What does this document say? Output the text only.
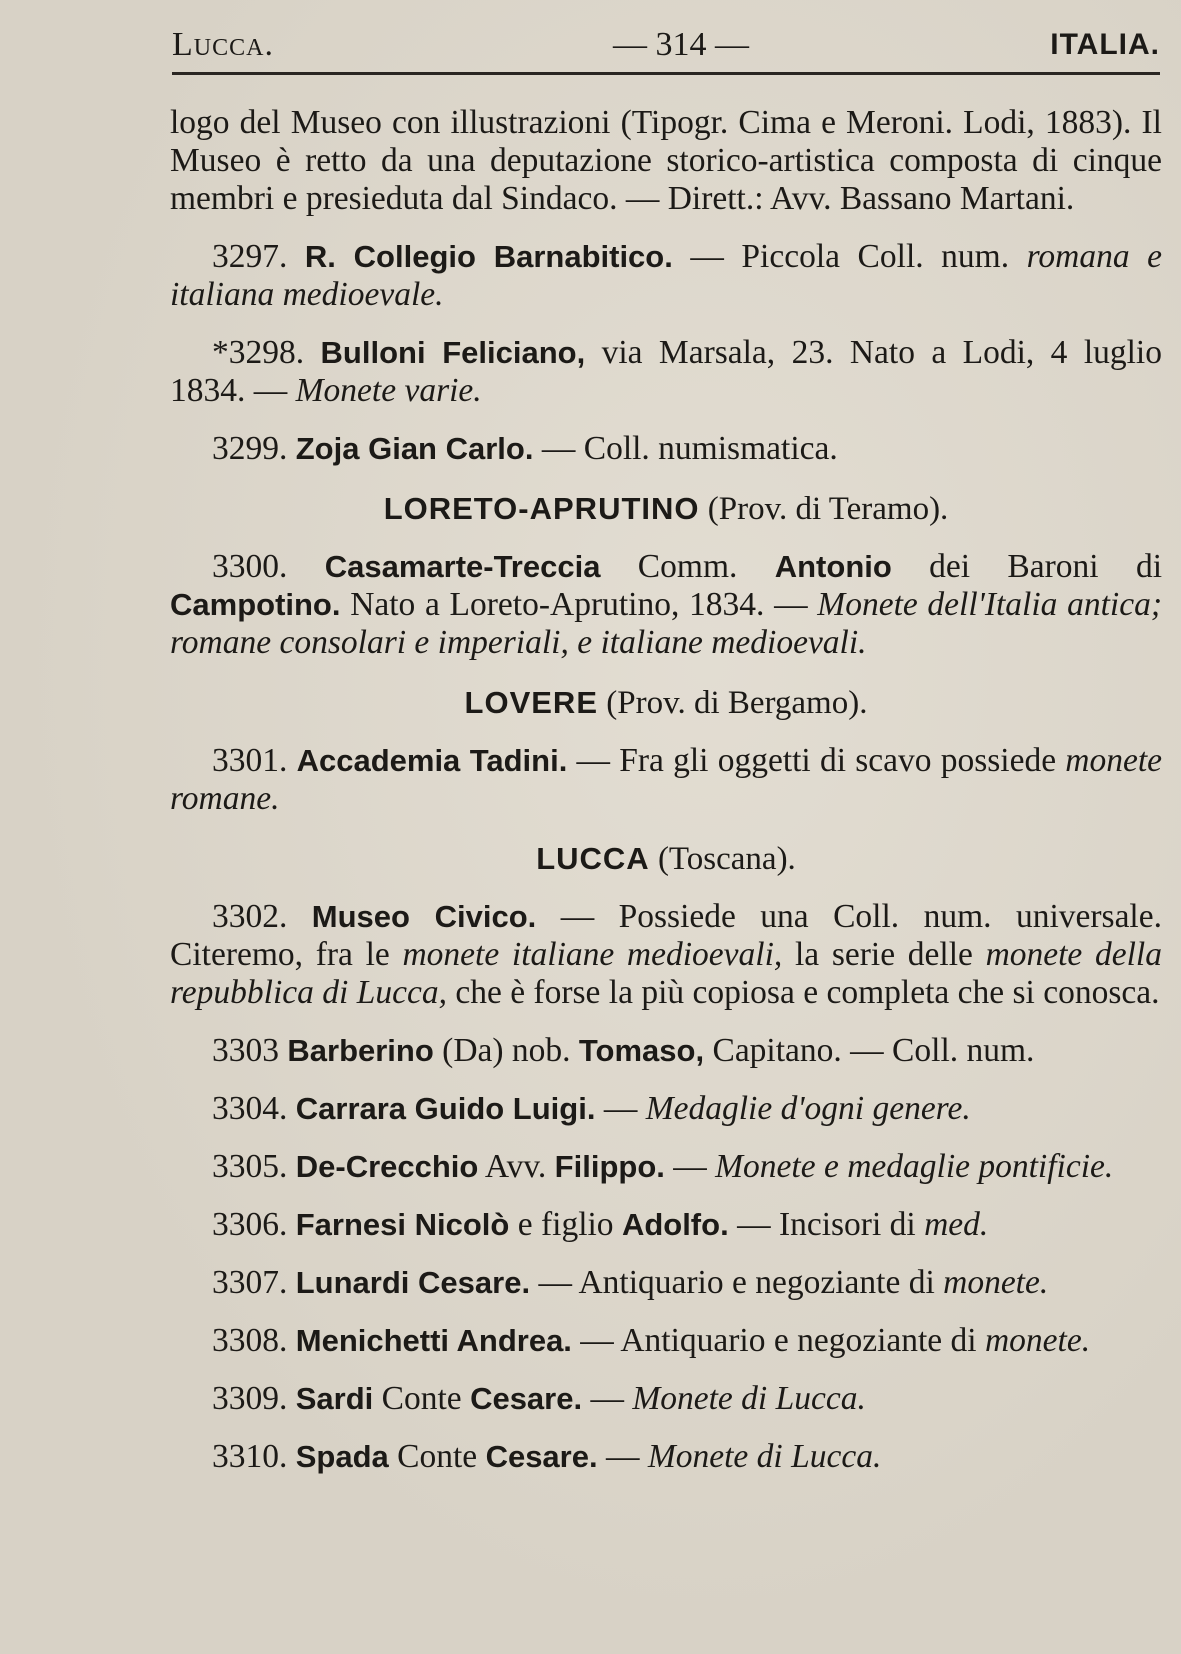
Lucca.	— 314 —	ITALIA.

logo del Museo con illustrazioni (Tipogr. Cima e Meroni. Lodi, 1883). Il Museo è retto da una deputazione storico-artistica composta di cinque membri e presieduta dal Sindaco. — Dirett.: Avv. Bassano Martani.

3297. R. Collegio Barnabitico. — Piccola Coll. num. romana e italiana medioevale.

*3298. Bulloni Feliciano, via Marsala, 23. Nato a Lodi, 4 luglio 1834. — Monete varie.

3299. Zoja Gian Carlo. — Coll. numismatica.

LORETO-APRUTINO (Prov. di Teramo).

3300. Casamarte-Treccia Comm. Antonio dei Baroni di Campotino. Nato a Loreto-Aprutino, 1834. — Monete dell'Italia antica; romane consolari e imperiali, e italiane medioevali.

LOVERE (Prov. di Bergamo).

3301. Accademia Tadini. — Fra gli oggetti di scavo possiede monete romane.

LUCCA (Toscana).

3302. Museo Civico. — Possiede una Coll. num. universale. Citeremo, fra le monete italiane medioevali, la serie delle monete della repubblica di Lucca, che è forse la più copiosa e completa che si conosca.

3303 Barberino (Da) nob. Tomaso, Capitano. — Coll. num.

3304. Carrara Guido Luigi. — Medaglie d'ogni genere.

3305. De-Crecchio Avv. Filippo. — Monete e medaglie pontificie.

3306. Farnesi Nicolò e figlio Adolfo. — Incisori di med.

3307. Lunardi Cesare. — Antiquario e negoziante di monete.

3308. Menichetti Andrea. — Antiquario e negoziante di monete.

3309. Sardi Conte Cesare. — Monete di Lucca.

3310. Spada Conte Cesare. — Monete di Lucca.
